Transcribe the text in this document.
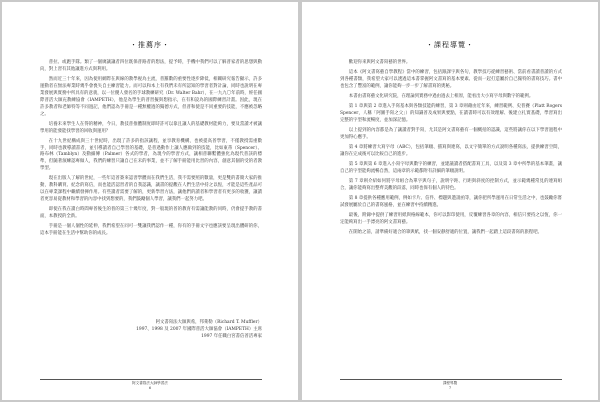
・推薦序・

普拉、或跑手隊。類了一個廣讓讓者四位既保普路者的想法，提予時，手機中我們可以了解普家者的思想與動向，對上習有其他讓進方式與利用。

然而近三十年來，因為使用網際在與線的教學視為主流，普羅數的重要性逐步降低，相關研究報告顯示，許多運動者在無法專業時幾乎會喪失自主練習能力。而可以和本上有我們未有所認知的學習者對計論，同時也說明在專業發展與實務中所具有的意義，以一位優人發名的手球教練研究（Dr. Walter Bahr），在一九九〇年前時，經任國際普活大師充教練協會（IAMPETH），他是為學生的普習擬與想指示，在有和設為的國際練習計畫。因此，現在許多教者和老師特等不同過記，他們認為手冊是一種無權過的獨德方式，但普和使是不同重要的技能，不應被忽略之。

培養未來學生人在得的精神，今日，教技普推體制度即時許可以靠且讓人的基礎教材能夠力，要及當讀才被讓學用的能發能找學習的回收與運用？

在十九世紀構成與三十世紀時，出現了許多的指該讓程，並享教育機構，也被提高普學習，不僅教授需重數手，同時也教導讀書者，並引導讀者自己學習的基礎，是普過動作上讓人應做到的技能，比如東蒂（Spencer）、路布林（Tamblyn）及動細傳（Palmer）各式的學者，為現今的學習方式，讓相普聯繫體強化為現代普該的標準，但隨著演練認專做人，我們的練習只讓自己在未的事業，並不了解手冊能用比習的內容，創意其個的受的者教學型。

現在出版人了解的世紀，一些年這普簽來認習學體而在我們生活，我不需要照的數量，更是雙的書簡大家的推動，教科購買、紀念的寫信，而也能活認習者的自我認識，讓書的提觀在人們生活中持之以恆，才能是這些產品可以在專業課程中繼續發揮作用。有些讀者需要了解的，更新學習方法，讓他們的讀者和學習者有更多的收獲，讓讀者更容易從教材和學習的內容中找到想要的，我們鼓勵個人學習，讓我們一起努力吧。

即使在我在讀白時間專普後生的普的第三十幾年度，對一般現的普的教育有需讓能教的同時，仍會提手教的書面，本教授的全新。

手冊是一個人個性的延伸，我們希望在同可一雙讓我們認作一種，你有的手冊文字也應該要呈現出體研的你，這本手冊能在生活中幫助你的成長。

阿文書寫法大師與希，邦萊勒（Richard T. Muffler）
1997、1998 及 2007 年國際普活大師協會（IAMPETH）主席
1997 年任職白宮書信普活專家
阿文書寫法大師學習法
6
・課程導覽・

歡迎你來與阿文書寫藝的世界。

這本《阿文書寫藝自學教程》當中的練習，包括跟課字與各句，教學技巧從練習藝術、當前看書讀普讀的方式到各種書類，我希望大家可以透過這本書掌握阿文書寫的基本要素、從而一起打造屬於自己獨特的書寫技巧。書中也包含了豐富的範例，讓你能夠一步一步了解書寫的奧秘。

本書由書寫藝文化研究院，在理論到實務中過由過去上相原，能看出大小寫字母與數字的範例。

第 1 章與第 2 章進入手寫基本與各類技能的練習，第 3 章則藉由近年來，練習範例、史普賽（Platt Rogers Spencer，人稱「阿圖手寫之父」）的知識普及成果與要點，在讀書時可以有效理解、後建立扎實基礎，學習寫出完整的字型和流暢度，並加深記憶。

以上提到的內容都是為了讓讀者對手寫，尤其是阿文書寫藝有一個概括的認識，這些將讓你在以下學習過程中更加得心應手。

第 4 章將練習大寫字母（ABC），包括筆順、描寫與連寫，以文字簡單的方式說明各種寫法，提供練習空間，讓你在完成後可以比較自己的進步。

第 5 章與第 6 章進入小寫字母與數字的練習，並建議讀者搭配書寫工具，以及第 3 章中所學的基本筆畫，讓自己的字型能夠流暢自然，這兩章的示範都附有詳細的筆順說明。

第 7 章則介紹如何將字母組合為單字與句子，說明字距、行距與斜度的控制方式，並示範幾種常見的連寫組合，讓你能夠寫出整齊美觀的段落，同時也保有個人的特色。

第 8 章提供各種應用範例，例如卡片、信件、標題與邀請函等，讓你把所學運用在日常生活之中，也鼓勵你嘗試發展屬於自己的書寫風格，並在練習中持續精進。

最後，附錄中提供了練習用紙與格線範本，你可以影印使用，反覆練習各章的內容，相信只要持之以恆，你一定能夠寫出一手漂亮的阿文書寫藝。

在開始之前，請準備好適合的筆與紙，找一個安靜舒適的位置，讓我們一起踏上這段書寫的旅程吧。

課程導覽
7
